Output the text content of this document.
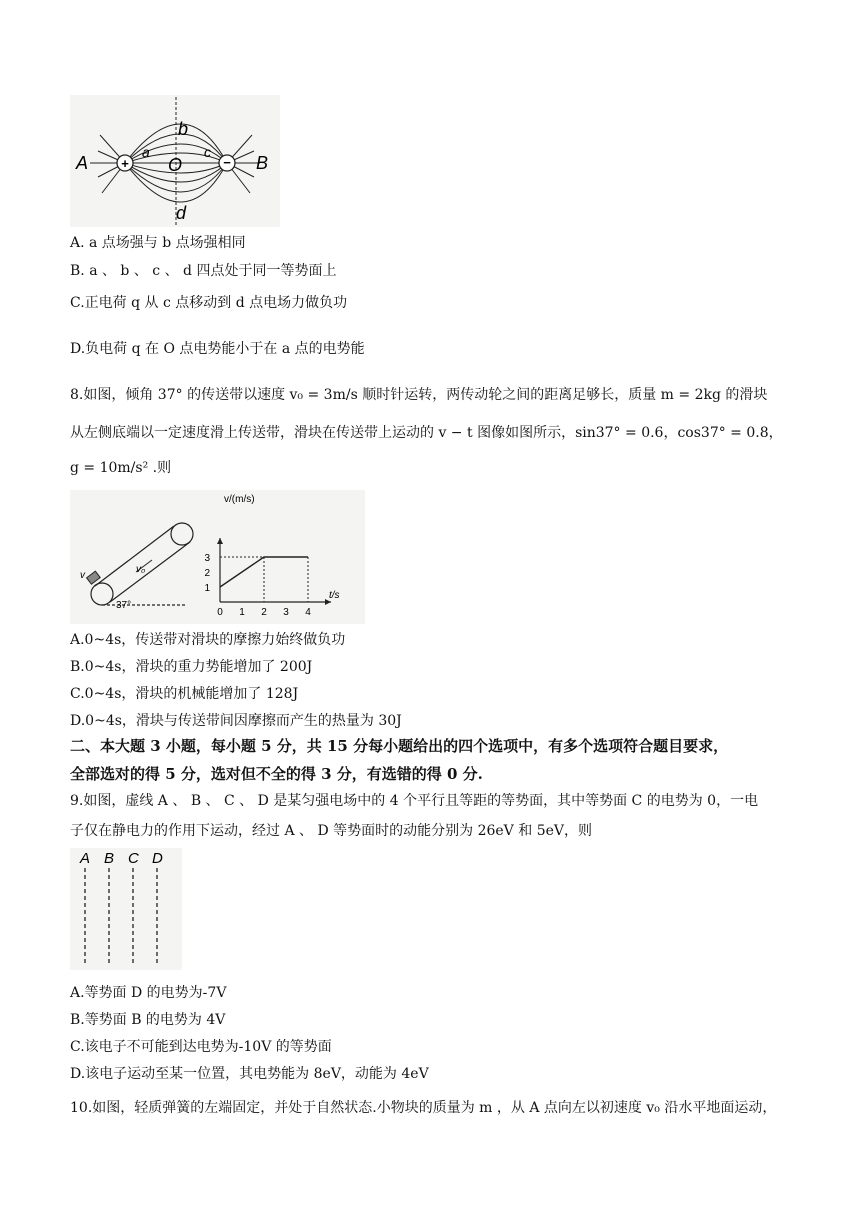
+	−
A	B
O
a
b
c
d
A. a 点场强与 b 点场强相同
B. a 、 b 、 c 、 d 四点处于同一等势面上
C.正电荷 q 从 c 点移动到 d 点电场力做负功
D.负电荷 q 在 O 点电势能小于在 a 点的电势能
8.如图，倾角 37° 的传送带以速度 v₀ = 3m/s 顺时针运转，两传动轮之间的距离足够长，质量 m = 2kg 的滑块
从左侧底端以一定速度滑上传送带，滑块在传送带上运动的 v − t 图像如图所示，sin37° = 0.6，cos37° = 0.8，
g = 10m/s² .则
v
v₀
37°
v/(m/s)
t/s
1
2
3
0 1 2 3 4
A.0~4s，传送带对滑块的摩擦力始终做负功
B.0~4s，滑块的重力势能增加了 200J
C.0~4s，滑块的机械能增加了 128J
D.0~4s，滑块与传送带间因摩擦而产生的热量为 30J
二、本大题 3 小题，每小题 5 分，共 15 分每小题给出的四个选项中，有多个选项符合题目要求，
全部选对的得 5 分，选对但不全的得 3 分，有选错的得 0 分.
9.如图，虚线 A 、 B 、 C 、 D 是某匀强电场中的 4 个平行且等距的等势面，其中等势面 C 的电势为 0，一电
子仅在静电力的作用下运动，经过 A 、 D 等势面时的动能分别为 26eV 和 5eV，则
A B C D
A.等势面 D 的电势为-7V
B.等势面 B 的电势为 4V
C.该电子不可能到达电势为-10V 的等势面
D.该电子运动至某一位置，其电势能为 8eV，动能为 4eV
10.如图，轻质弹簧的左端固定，并处于自然状态.小物块的质量为 m ，从 A 点向左以初速度 v₀ 沿水平地面运动，
